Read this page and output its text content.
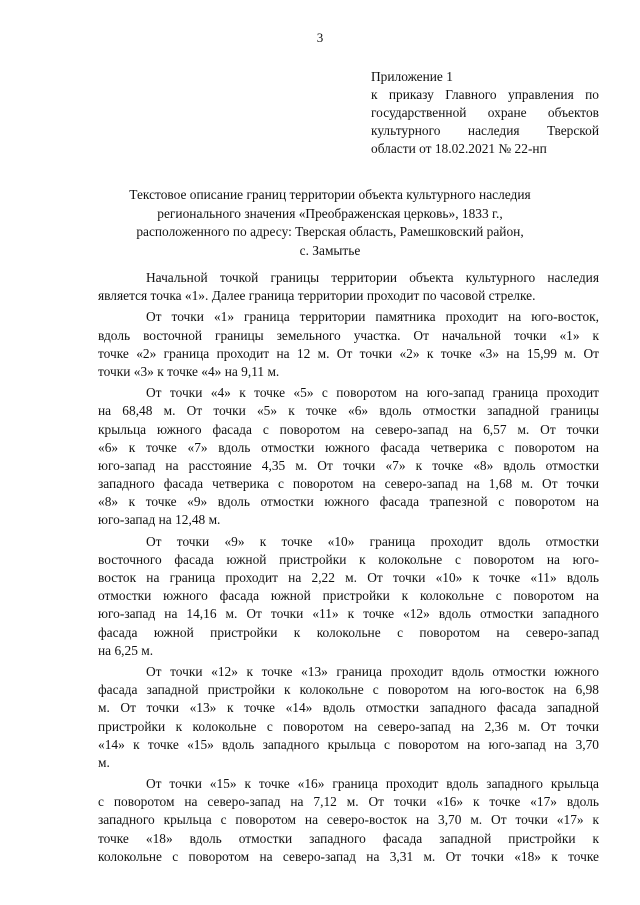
3
Приложение 1
к приказу Главного управления по
государственной охране объектов
культурного наследия Тверской
области от 18.02.2021 № 22-нп
Текстовое описание границ территории объекта культурного наследия
регионального значения «Преображенская церковь», 1833 г.,
расположенного по адресу: Тверская область, Рамешковский район,
с. Замытье
Начальной точкой границы территории объекта культурного наследия
является точка «1». Далее граница территории проходит по часовой стрелке.
От точки «1» граница территории памятника проходит на юго-восток,
вдоль восточной границы земельного участка. От начальной точки «1» к
точке «2» граница проходит на 12 м. От точки «2» к точке «3» на 15,99 м. От
точки «3» к точке «4» на 9,11 м.
От точки «4» к точке «5» с поворотом на юго-запад граница проходит
на 68,48 м. От точки «5» к точке «6» вдоль отмостки западной границы
крыльца южного фасада с поворотом на северо-запад на 6,57 м. От точки
«6» к точке «7» вдоль отмостки южного фасада четверика с поворотом на
юго-запад на расстояние 4,35 м. От точки «7» к точке «8» вдоль отмостки
западного фасада четверика с поворотом на северо-запад на 1,68 м. От точки
«8» к точке «9» вдоль отмостки южного фасада трапезной с поворотом на
юго-запад на 12,48 м.
От точки «9» к точке «10» граница проходит вдоль отмостки
восточного фасада южной пристройки к колокольне с поворотом на юго-
восток на граница проходит на 2,22 м. От точки «10» к точке «11» вдоль
отмостки южного фасада южной пристройки к колокольне с поворотом на
юго-запад на 14,16 м. От точки «11» к точке «12» вдоль отмостки западного
фасада южной пристройки к колокольне с поворотом на северо-запад
на 6,25 м.
От точки «12» к точке «13» граница проходит вдоль отмостки южного
фасада западной пристройки к колокольне с поворотом на юго-восток на 6,98
м. От точки «13» к точке «14» вдоль отмостки западного фасада западной
пристройки к колокольне с поворотом на северо-запад на 2,36 м. От точки
«14» к точке «15» вдоль западного крыльца с поворотом на юго-запад на 3,70
м.
От точки «15» к точке «16» граница проходит вдоль западного крыльца
с поворотом на северо-запад на 7,12 м. От точки «16» к точке «17» вдоль
западного крыльца с поворотом на северо-восток на 3,70 м. От точки «17» к
точке «18» вдоль отмостки западного фасада западной пристройки к
колокольне с поворотом на северо-запад на 3,31 м. От точки «18» к точке
